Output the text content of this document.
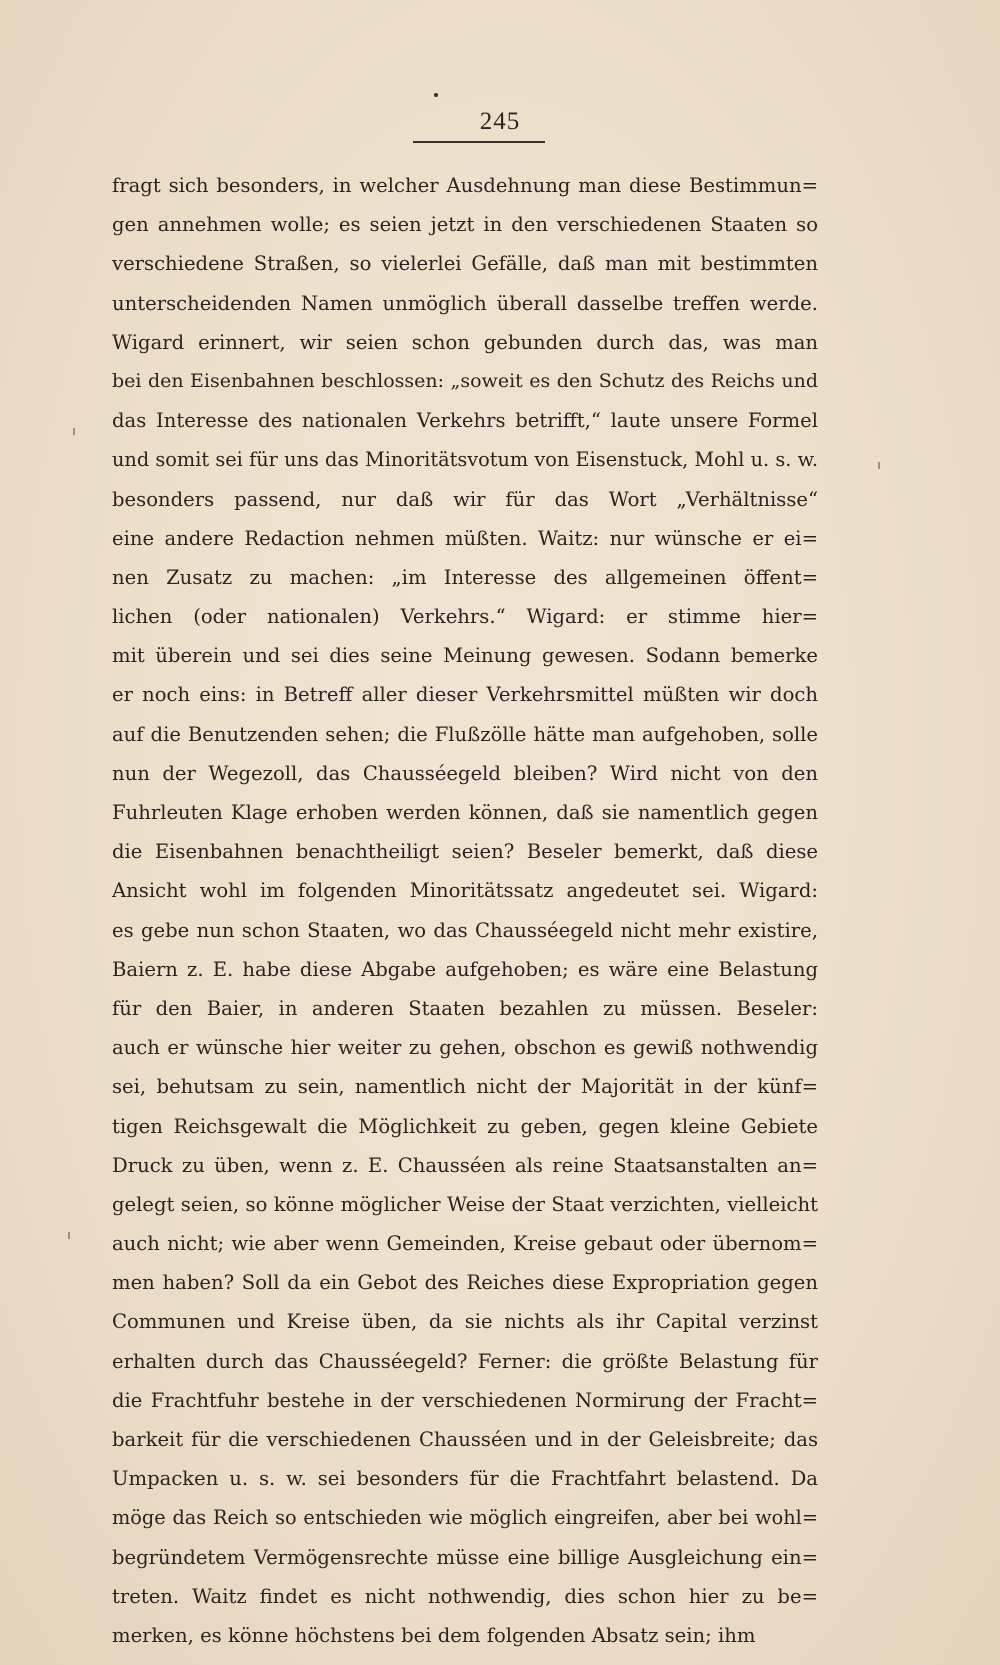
245
fragt sich besonders, in welcher Ausdehnung man diese Bestimmun=
gen annehmen wolle; es seien jetzt in den verschiedenen Staaten so
verschiedene Straßen, so vielerlei Gefälle, daß man mit bestimmten
unterscheidenden Namen unmöglich überall dasselbe treffen werde.
Wigard erinnert, wir seien schon gebunden durch das, was man
bei den Eisenbahnen beschlossen: „soweit es den Schutz des Reichs und
das Interesse des nationalen Verkehrs betrifft,“ laute unsere Formel
und somit sei für uns das Minoritätsvotum von Eisenstuck, Mohl u. s. w.
besonders passend, nur daß wir für das Wort „Verhältnisse“
eine andere Redaction nehmen müßten. Waitz: nur wünsche er ei=
nen Zusatz zu machen: „im Interesse des allgemeinen öffent=
lichen (oder nationalen) Verkehrs.“ Wigard: er stimme hier=
mit überein und sei dies seine Meinung gewesen. Sodann bemerke
er noch eins: in Betreff aller dieser Verkehrsmittel müßten wir doch
auf die Benutzenden sehen; die Flußzölle hätte man aufgehoben, solle
nun der Wegezoll, das Chausséegeld bleiben? Wird nicht von den
Fuhrleuten Klage erhoben werden können, daß sie namentlich gegen
die Eisenbahnen benachtheiligt seien? Beseler bemerkt, daß diese
Ansicht wohl im folgenden Minoritätssatz angedeutet sei. Wigard:
es gebe nun schon Staaten, wo das Chausséegeld nicht mehr existire,
Baiern z. E. habe diese Abgabe aufgehoben; es wäre eine Belastung
für den Baier, in anderen Staaten bezahlen zu müssen. Beseler:
auch er wünsche hier weiter zu gehen, obschon es gewiß nothwendig
sei, behutsam zu sein, namentlich nicht der Majorität in der künf=
tigen Reichsgewalt die Möglichkeit zu geben, gegen kleine Gebiete
Druck zu üben, wenn z. E. Chausséen als reine Staatsanstalten an=
gelegt seien, so könne möglicher Weise der Staat verzichten, vielleicht
auch nicht; wie aber wenn Gemeinden, Kreise gebaut oder übernom=
men haben? Soll da ein Gebot des Reiches diese Expropriation gegen
Communen und Kreise üben, da sie nichts als ihr Capital verzinst
erhalten durch das Chausséegeld? Ferner: die größte Belastung für
die Frachtfuhr bestehe in der verschiedenen Normirung der Fracht=
barkeit für die verschiedenen Chausséen und in der Geleisbreite; das
Umpacken u. s. w. sei besonders für die Frachtfahrt belastend. Da
möge das Reich so entschieden wie möglich eingreifen, aber bei wohl=
begründetem Vermögensrechte müsse eine billige Ausgleichung ein=
treten. Waitz findet es nicht nothwendig, dies schon hier zu be=
merken, es könne höchstens bei dem folgenden Absatz sein; ihm
